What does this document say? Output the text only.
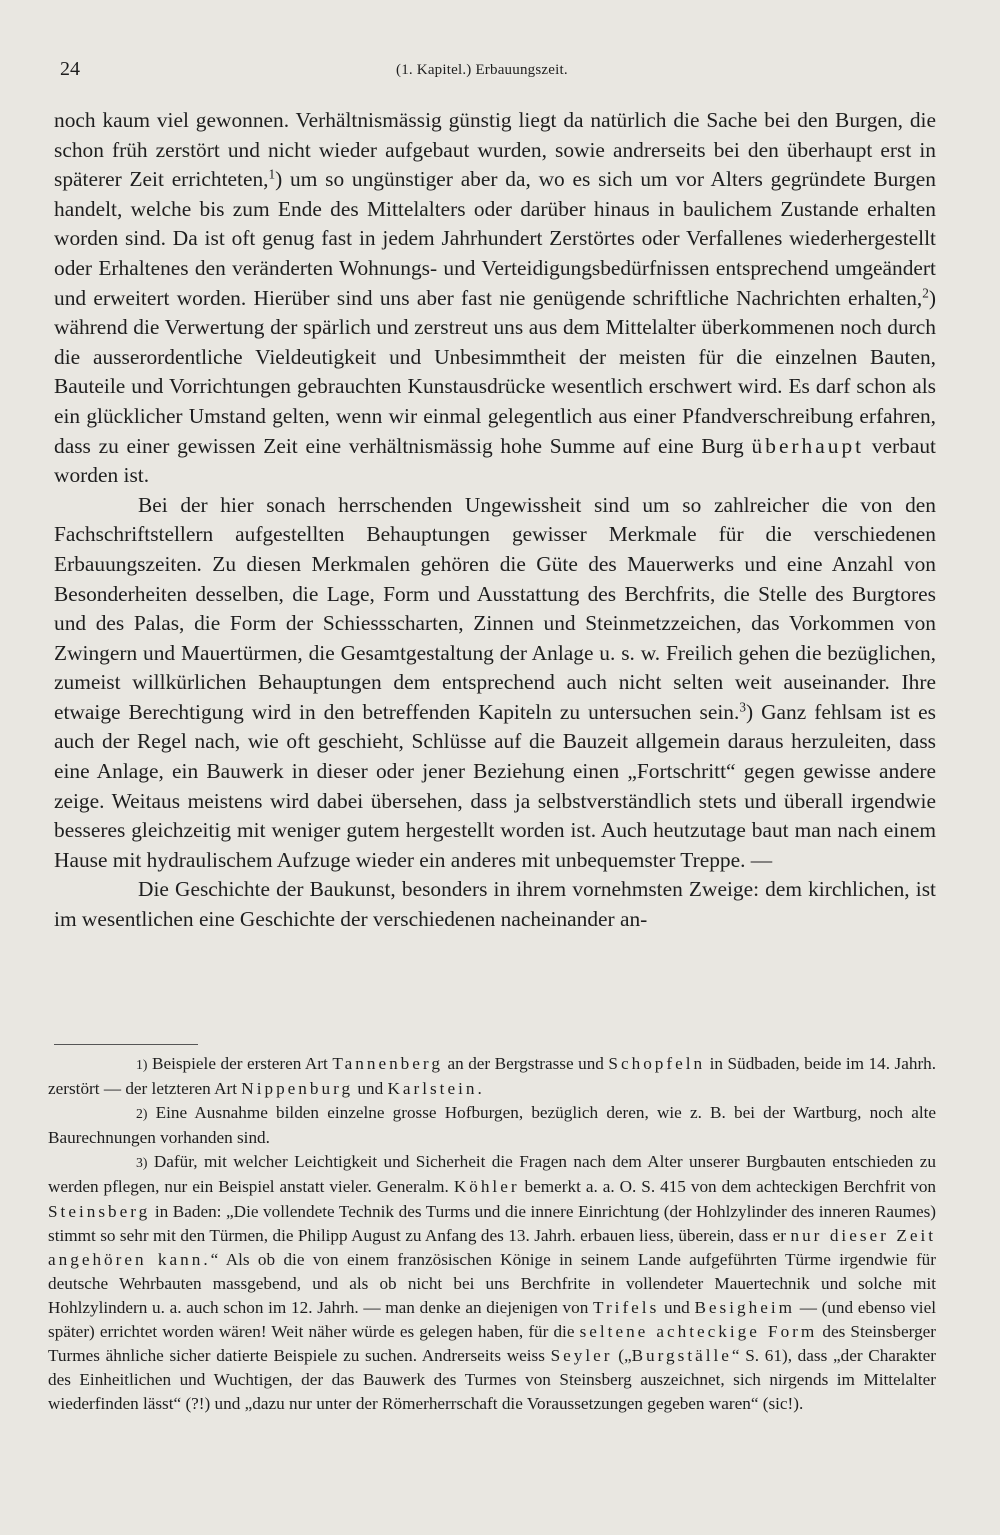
24	(1. Kapitel.) Erbauungszeit.

noch kaum viel gewonnen. Verhältnismässig günstig liegt da natürlich die Sache bei den Burgen, die schon früh zerstört und nicht wieder aufgebaut wurden, sowie andrerseits bei den überhaupt erst in späterer Zeit errichteten,$^1$) um so ungünstiger aber da, wo es sich um vor Alters gegründete Burgen handelt, welche bis zum Ende des Mittelalters oder darüber hinaus in baulichem Zustande erhalten worden sind. Da ist oft genug fast in jedem Jahrhundert Zerstörtes oder Verfallenes wiederhergestellt oder Erhaltenes den veränderten Wohnungs- und Verteidigungsbedürfnissen entsprechend umgeändert und erweitert worden. Hierüber sind uns aber fast nie genügende schriftliche Nachrichten erhalten,$^2$) während die Verwertung der spärlich und zerstreut uns aus dem Mittelalter überkommenen noch durch die ausserordentliche Vieldeutigkeit und Unbesimmtheit der meisten für die einzelnen Bauten, Bauteile und Vorrichtungen gebrauchten Kunstausdrücke wesentlich erschwert wird. Es darf schon als ein glücklicher Umstand gelten, wenn wir einmal gelegentlich aus einer Pfandverschreibung erfahren, dass zu einer gewissen Zeit eine verhältnismässig hohe Summe auf eine Burg überhaupt verbaut worden ist.

Bei der hier sonach herrschenden Ungewissheit sind um so zahlreicher die von den Fachschriftstellern aufgestellten Behauptungen gewisser Merkmale für die verschiedenen Erbauungszeiten. Zu diesen Merkmalen gehören die Güte des Mauerwerks und eine Anzahl von Besonderheiten desselben, die Lage, Form und Ausstattung des Berchfrits, die Stelle des Burgtores und des Palas, die Form der Schiessscharten, Zinnen und Steinmetzzeichen, das Vorkommen von Zwingern und Mauertürmen, die Gesamtgestaltung der Anlage u. s. w. Freilich gehen die bezüglichen, zumeist willkürlichen Behauptungen dem entsprechend auch nicht selten weit auseinander. Ihre etwaige Berechtigung wird in den betreffenden Kapiteln zu untersuchen sein.$^3$) Ganz fehlsam ist es auch der Regel nach, wie oft geschieht, Schlüsse auf die Bauzeit allgemein daraus herzuleiten, dass eine Anlage, ein Bauwerk in dieser oder jener Beziehung einen „Fortschritt“ gegen gewisse andere zeige. Weitaus meistens wird dabei übersehen, dass ja selbstverständlich stets und überall irgendwie besseres gleichzeitig mit weniger gutem hergestellt worden ist. Auch heutzutage baut man nach einem Hause mit hydraulischem Aufzuge wieder ein anderes mit unbequemster Treppe. —

Die Geschichte der Baukunst, besonders in ihrem vornehmsten Zweige: dem kirchlichen, ist im wesentlichen eine Geschichte der verschiedenen nacheinander an-

1) Beispiele der ersteren Art Tannenberg an der Bergstrasse und Schopfeln in Südbaden, beide im 14. Jahrh. zerstört — der letzteren Art Nippenburg und Karlstein.

2) Eine Ausnahme bilden einzelne grosse Hofburgen, bezüglich deren, wie z. B. bei der Wartburg, noch alte Baurechnungen vorhanden sind.

3) Dafür, mit welcher Leichtigkeit und Sicherheit die Fragen nach dem Alter unserer Burgbauten entschieden zu werden pflegen, nur ein Beispiel anstatt vieler. Generalm. Köhler bemerkt a. a. O. S. 415 von dem achteckigen Berchfrit von Steinsberg in Baden: „Die vollendete Technik des Turms und die innere Einrichtung (der Hohlzylinder des inneren Raumes) stimmt so sehr mit den Türmen, die Philipp August zu Anfang des 13. Jahrh. erbauen liess, überein, dass er nur dieser Zeit angehören kann.“ Als ob die von einem französischen Könige in seinem Lande aufgeführten Türme irgendwie für deutsche Wehrbauten massgebend, und als ob nicht bei uns Berchfrite in vollendeter Mauertechnik und solche mit Hohlzylindern u. a. auch schon im 12. Jahrh. — man denke an diejenigen von Trifels und Besigheim — (und ebenso viel später) errichtet worden wären! Weit näher würde es gelegen haben, für die seltene achteckige Form des Steinsberger Turmes ähnliche sicher datierte Beispiele zu suchen. Andrerseits weiss Seyler („Burgställe“ S. 61), dass „der Charakter des Einheitlichen und Wuchtigen, der das Bauwerk des Turmes von Steinsberg auszeichnet, sich nirgends im Mittelalter wiederfinden lässt“ (?!) und „dazu nur unter der Römerherrschaft die Voraussetzungen gegeben waren“ (sic!).
